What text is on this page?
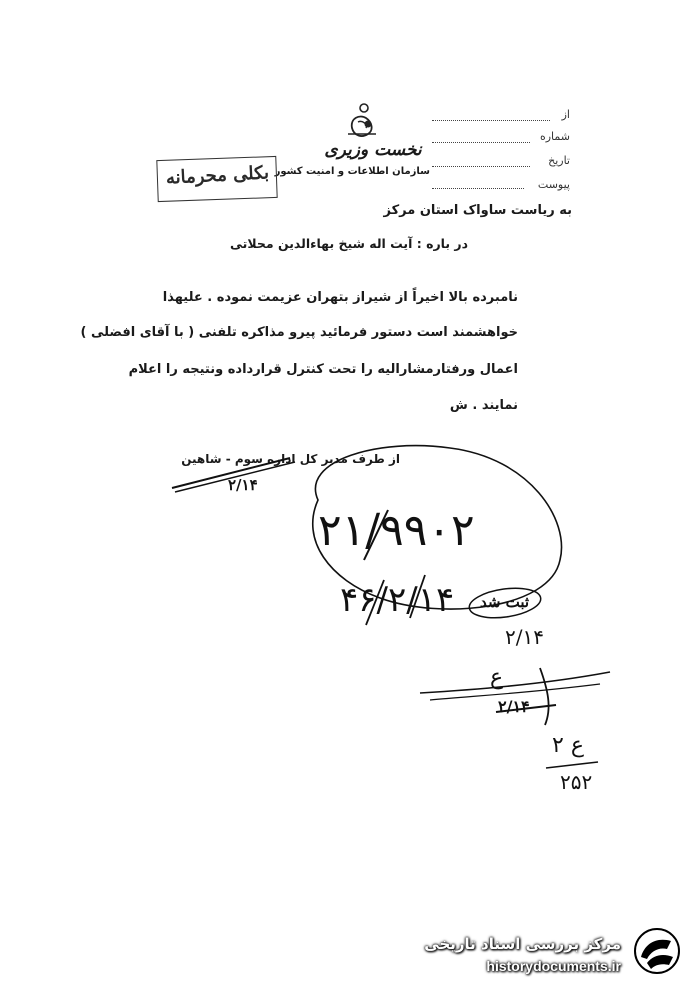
نخست وزیری
سازمان اطلاعات و امنیت کشور
بکلی محرمانه
از
شماره
تاریخ
پیوست
به ریاست ساواک استان مرکز
در باره : آیت اله شیخ بهاءالدین محلاتی
نامبرده بالا اخیراً از شیراز بتهران عزیمت نموده . علیهذا
خواهشمند است دستور فرمائید پیرو مذاکره تلفنی ( با آقای افضلی )
اعمال ورفتارمشارالیه را تحت کنترل قرارداده ونتیجه را اعلام
نمایند . ش
از طرف مدیر کل اداره سوم - شاهین
۲/۱۴
۲۱/۹۹۰۲
۴۶/۲/۱۴ ثبت شد
۲/۱۴
ع
۲/۱۴
۲ ع
۲۵۲
مرکز بررسی اسناد تاریخی
historydocuments.ir
